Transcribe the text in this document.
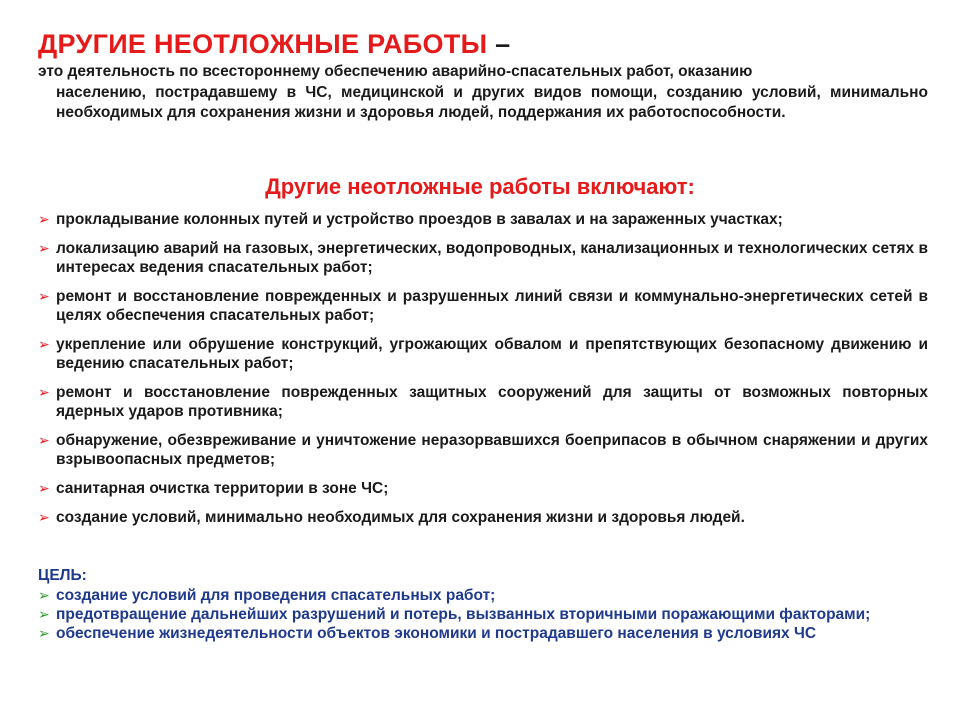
ДРУГИЕ НЕОТЛОЖНЫЕ РАБОТЫ –
это деятельность по всестороннему обеспечению аварийно-спасательных работ, оказанию
населению, пострадавшему в ЧС, медицинской и других видов помощи, созданию условий, минимально необходимых для сохранения жизни и здоровья людей, поддержания их работоспособности.
Другие неотложные работы включают:
➢ прокладывание колонных путей и устройство проездов в завалах и на зараженных участках;
➢ локализацию аварий на газовых, энергетических, водопроводных, канализационных и технологических сетях в интересах ведения спасательных работ;
➢ ремонт и восстановление поврежденных и разрушенных линий связи и коммунально-энергетических сетей в целях обеспечения спасательных работ;
➢ укрепление или обрушение конструкций, угрожающих обвалом и препятствующих безопасному движению и ведению спасательных работ;
➢ ремонт и восстановление поврежденных защитных сооружений для защиты от возможных повторных ядерных ударов противника;
➢ обнаружение, обезвреживание и уничтожение неразорвавшихся боеприпасов в обычном снаряжении и других взрывоопасных предметов;
➢ санитарная очистка территории в зоне ЧС;
➢ создание условий, минимально необходимых для сохранения жизни и здоровья людей.
ЦЕЛЬ:
➢ создание условий для проведения спасательных работ;
➢ предотвращение дальнейших разрушений и потерь, вызванных вторичными поражающими факторами;
➢ обеспечение жизнедеятельности объектов экономики и пострадавшего населения в условиях ЧС
